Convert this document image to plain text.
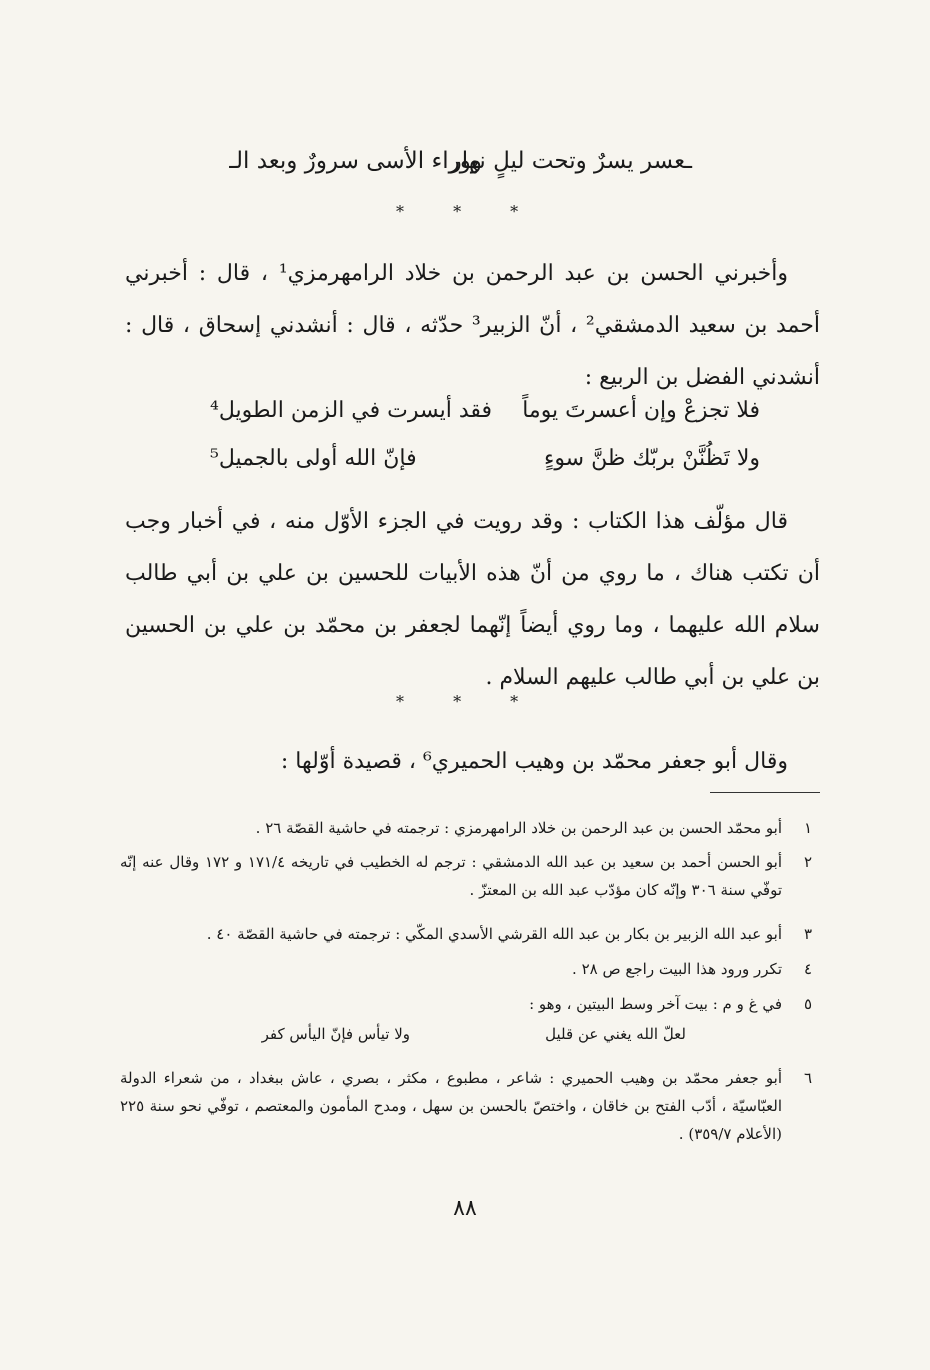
ووراء الأسى سرورٌ وبعد الـ
ـعسر يسرٌ وتحت ليلٍ نهار
* * *
وأخبرني الحسن بن عبد الرحمن بن خلاد الرامهرمزي¹ ، قال : أخبرني أحمد بن سعيد الدمشقي² ، أنّ الزبير³ حدّثه ، قال : أنشدني إسحاق ، قال : أنشدني الفضل بن الربيع :
فلا تجزعْ وإن أعسرتَ يوماً
فقد أيسرت في الزمن الطويل⁴
ولا تَظُنَّنْ بربّك ظنَّ سوءٍ
فإنّ الله أولى بالجميل⁵
قال مؤلّف هذا الكتاب : وقد رويت في الجزء الأوّل منه ، في أخبار وجب أن تكتب هناك ، ما روي من أنّ هذه الأبيات للحسين بن علي بن أبي طالب سلام الله عليهما ، وما روي أيضاً إنّهما لجعفر بن محمّد بن علي بن الحسين بن علي بن أبي طالب عليهم السلام .
* * *
وقال أبو جعفر محمّد بن وهيب الحميري⁶ ، قصيدة أوّلها :
١
أبو محمّد الحسن بن عبد الرحمن بن خلاد الرامهرمزي : ترجمته في حاشية القصّة ٢٦ .
٢
أبو الحسن أحمد بن سعيد بن عبد الله الدمشقي : ترجم له الخطيب في تاريخه ١٧١/٤ و ١٧٢ وقال عنه إنّه توفّي سنة ٣٠٦ وإنّه كان مؤدّب عبد الله بن المعتزّ .
٣
أبو عبد الله الزبير بن بكار بن عبد الله القرشي الأسدي المكّي : ترجمته في حاشية القصّة ٤٠ .
٤
تكرر ورود هذا البيت راجع ص ٢٨ .
٥
في غ و م : بيت آخر وسط البيتين ، وهو :
ولا تيأس فإنّ اليأس كفر	لعلّ الله يغني عن قليل
٦
أبو جعفر محمّد بن وهيب الحميري : شاعر ، مطبوع ، مكثر ، بصري ، عاش ببغداد ، من شعراء الدولة العبّاسيّة ، أدّب الفتح بن خاقان ، واختصّ بالحسن بن سهل ، ومدح المأمون والمعتصم ، توفّي نحو سنة ٢٢٥ (الأعلام ٣٥٩/٧) .
٨٨
